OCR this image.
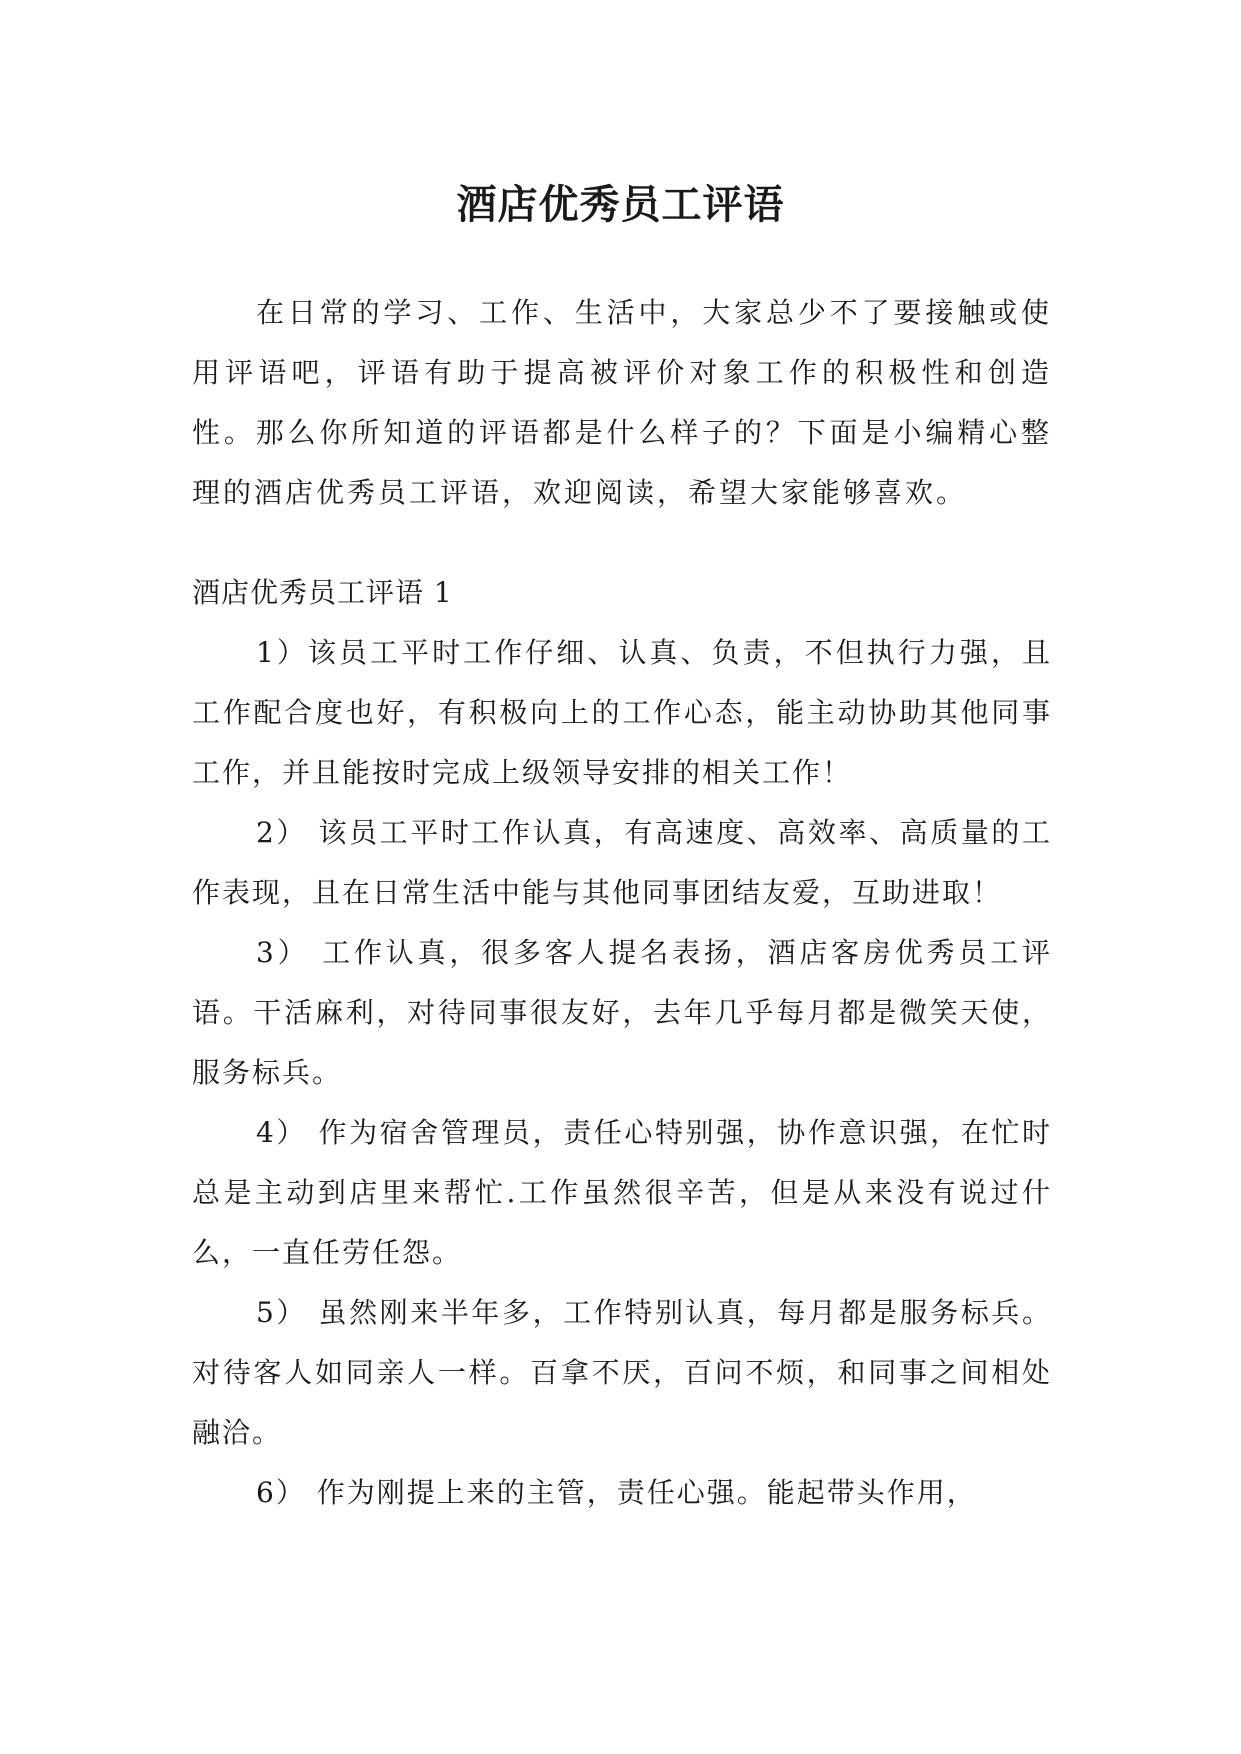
酒店优秀员工评语

在日常的学习、工作、生活中，大家总少不了要接触或使用评语吧，评语有助于提高被评价对象工作的积极性和创造性。那么你所知道的评语都是什么样子的？下面是小编精心整理的酒店优秀员工评语，欢迎阅读，希望大家能够喜欢。

酒店优秀员工评语 1

1）该员工平时工作仔细、认真、负责，不但执行力强，且工作配合度也好，有积极向上的工作心态，能主动协助其他同事工作，并且能按时完成上级领导安排的相关工作！

2） 该员工平时工作认真，有高速度、高效率、高质量的工作表现，且在日常生活中能与其他同事团结友爱，互助进取！

3） 工作认真，很多客人提名表扬，酒店客房优秀员工评语。干活麻利，对待同事很友好，去年几乎每月都是微笑天使，服务标兵。

4） 作为宿舍管理员，责任心特别强，协作意识强，在忙时总是主动到店里来帮忙.工作虽然很辛苦，但是从来没有说过什么，一直任劳任怨。

5） 虽然刚来半年多，工作特别认真，每月都是服务标兵。对待客人如同亲人一样。百拿不厌，百问不烦，和同事之间相处融洽。

6） 作为刚提上来的主管，责任心强。能起带头作用，
